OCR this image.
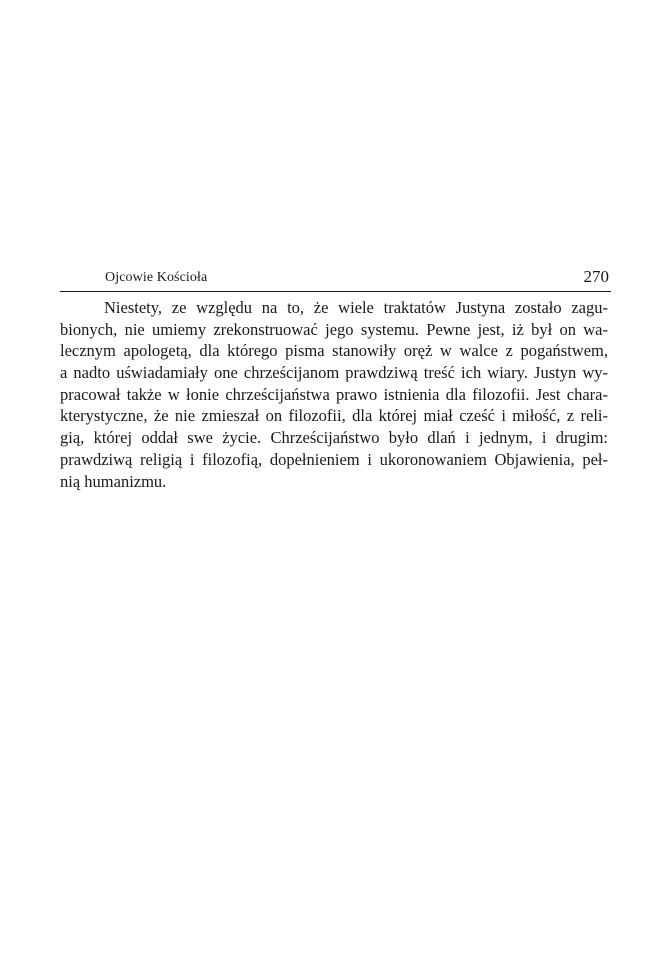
Ojcowie Kościoła	270
Niestety, ze względu na to, że wiele traktatów Justyna zostało zagu-
bionych, nie umiemy zrekonstruować jego systemu. Pewne jest, iż był on wa-
lecznym apologetą, dla którego pisma stanowiły oręż w walce z pogaństwem,
a nadto uświadamiały one chrześcijanom prawdziwą treść ich wiary. Justyn wy-
pracował także w łonie chrześcijaństwa prawo istnienia dla filozofii. Jest chara-
kterystyczne, że nie zmieszał on filozofii, dla której miał cześć i miłość, z reli-
gią, której oddał swe życie. Chrześcijaństwo było dlań i jednym, i drugim:
prawdziwą religią i filozofią, dopełnieniem i ukoronowaniem Objawienia, peł-
nią humanizmu.
